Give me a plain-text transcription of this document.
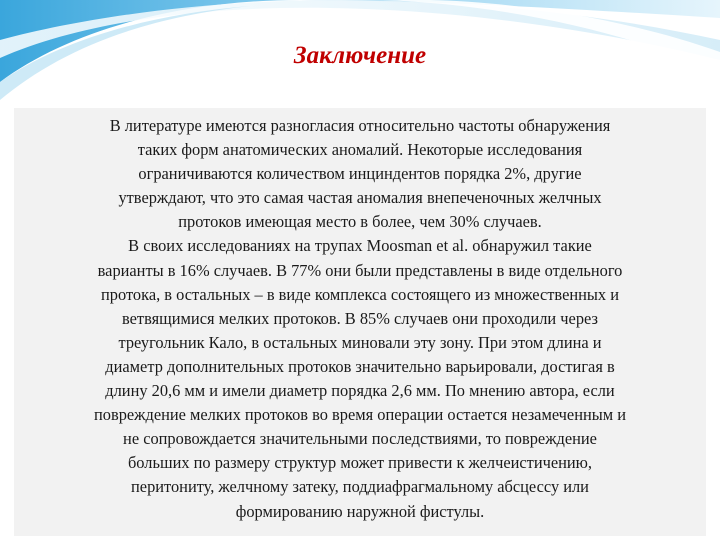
Заключение
В литературе имеются разногласия относительно частоты обнаружения
таких форм анатомических аномалий. Некоторые исследования
ограничиваются количеством инциндентов порядка 2%, другие
утверждают, что это самая частая аномалия внепеченочных желчных
протоков имеющая место в более, чем 30% случаев.
В своих исследованиях на трупах Moosman et al. обнаружил такие
варианты в 16% случаев. В 77% они были представлены в виде отдельного
протока, в остальных – в виде комплекса состоящего из множественных и
ветвящимися мелких протоков. В 85% случаев они проходили через
треугольник Кало, в остальных миновали эту зону. При этом длина и
диаметр дополнительных протоков значительно варьировали, достигая в
длину 20,6 мм и имели диаметр порядка 2,6 мм. По мнению автора, если
повреждение мелких протоков во время операции остается незамеченным и
не сопровождается значительными последствиями, то повреждение
больших по размеру структур может привести к желчеистичению,
перитониту, желчному затеку, поддиафрагмальному абсцессу или
формированию наружной фистулы.
